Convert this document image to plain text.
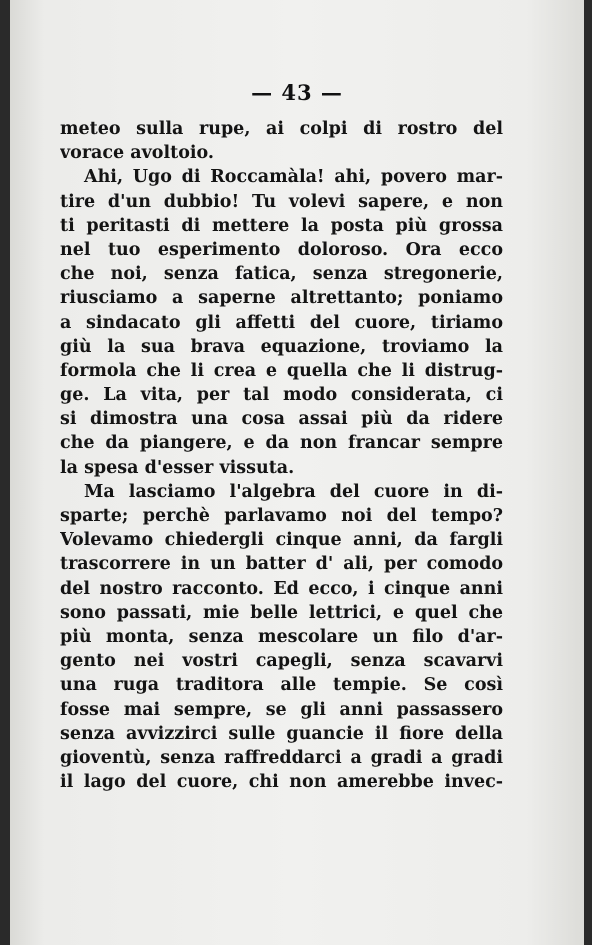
— 43 —
meteo sulla rupe, ai colpi di rostro del
vorace avoltoio.
Ahi, Ugo di Roccamàla! ahi, povero mar-
tire d'un dubbio! Tu volevi sapere, e non
ti peritasti di mettere la posta più grossa
nel tuo esperimento doloroso. Ora ecco
che noi, senza fatica, senza stregonerie,
riusciamo a saperne altrettanto; poniamo
a sindacato gli affetti del cuore, tiriamo
giù la sua brava equazione, troviamo la
formola che li crea e quella che li distrug-
ge. La vita, per tal modo considerata, ci
si dimostra una cosa assai più da ridere
che da piangere, e da non francar sempre
la spesa d'esser vissuta.
Ma lasciamo l'algebra del cuore in di-
sparte; perchè parlavamo noi del tempo?
Volevamo chiedergli cinque anni, da fargli
trascorrere in un batter d' ali, per comodo
del nostro racconto. Ed ecco, i cinque anni
sono passati, mie belle lettrici, e quel che
più monta, senza mescolare un filo d'ar-
gento nei vostri capegli, senza scavarvi
una ruga traditora alle tempie. Se così
fosse mai sempre, se gli anni passassero
senza avvizzirci sulle guancie il fiore della
gioventù, senza raffreddarci a gradi a gradi
il lago del cuore, chi non amerebbe invec-
